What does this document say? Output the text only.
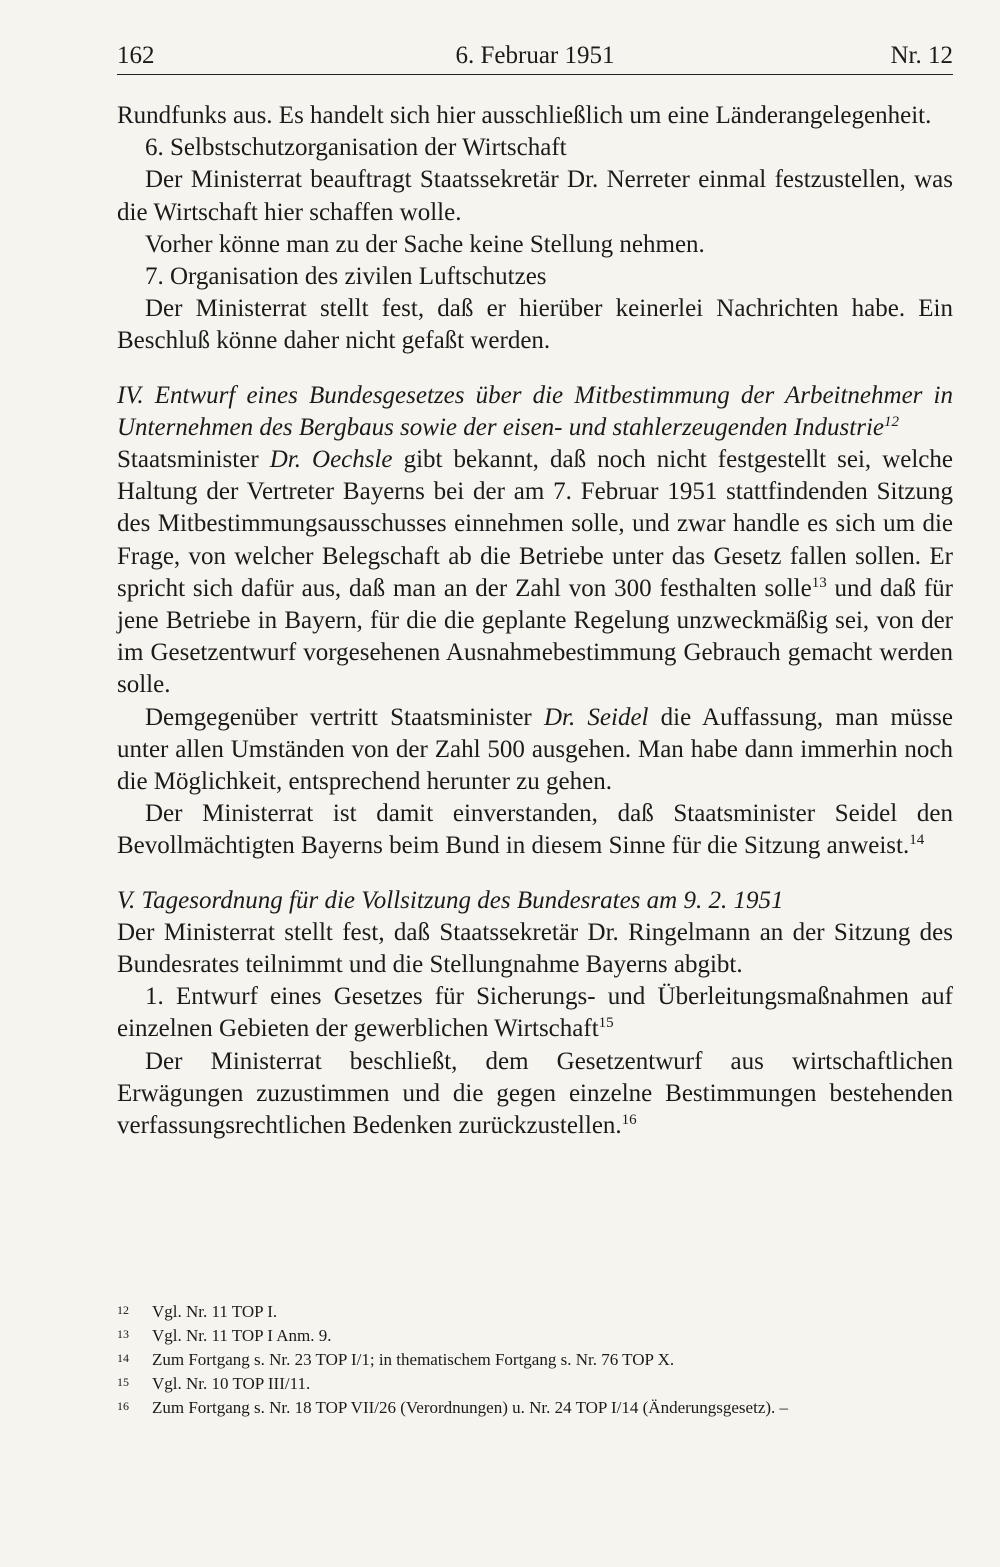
162	6. Februar 1951	Nr. 12

Rundfunks aus. Es handelt sich hier ausschließlich um eine Länderangelegenheit.

6. Selbstschutzorganisation der Wirtschaft

Der Ministerrat beauftragt Staatssekretär Dr. Nerreter einmal festzustellen, was die Wirtschaft hier schaffen wolle.

Vorher könne man zu der Sache keine Stellung nehmen.

7. Organisation des zivilen Luftschutzes

Der Ministerrat stellt fest, daß er hierüber keinerlei Nachrichten habe. Ein Beschluß könne daher nicht gefaßt werden.

IV. Entwurf eines Bundesgesetzes über die Mitbestimmung der Arbeitnehmer in Unternehmen des Bergbaus sowie der eisen- und stahlerzeugenden Industrie$^{12}$

Staatsminister Dr. Oechsle gibt bekannt, daß noch nicht festgestellt sei, welche Haltung der Vertreter Bayerns bei der am 7. Februar 1951 stattfindenden Sitzung des Mitbestimmungsausschusses einnehmen solle, und zwar handle es sich um die Frage, von welcher Belegschaft ab die Betriebe unter das Gesetz fallen sollen. Er spricht sich dafür aus, daß man an der Zahl von 300 festhalten solle$^{13}$ und daß für jene Betriebe in Bayern, für die die geplante Regelung unzweckmäßig sei, von der im Gesetzentwurf vorgesehenen Ausnahmebestimmung Gebrauch gemacht werden solle.

Demgegenüber vertritt Staatsminister Dr. Seidel die Auffassung, man müsse unter allen Umständen von der Zahl 500 ausgehen. Man habe dann immerhin noch die Möglichkeit, entsprechend herunter zu gehen.

Der Ministerrat ist damit einverstanden, daß Staatsminister Seidel den Bevollmächtigten Bayerns beim Bund in diesem Sinne für die Sitzung anweist.$^{14}$

V. Tagesordnung für die Vollsitzung des Bundesrates am 9. 2. 1951

Der Ministerrat stellt fest, daß Staatssekretär Dr. Ringelmann an der Sitzung des Bundesrates teilnimmt und die Stellungnahme Bayerns abgibt.

1. Entwurf eines Gesetzes für Sicherungs- und Überleitungsmaßnahmen auf einzelnen Gebieten der gewerblichen Wirtschaft$^{15}$

Der Ministerrat beschließt, dem Gesetzentwurf aus wirtschaftlichen Erwägungen zuzustimmen und die gegen einzelne Bestimmungen bestehenden verfassungsrechtlichen Bedenken zurückzustellen.$^{16}$

12 Vgl. Nr. 11 TOP I.
13 Vgl. Nr. 11 TOP I Anm. 9.
14 Zum Fortgang s. Nr. 23 TOP I/1; in thematischem Fortgang s. Nr. 76 TOP X.
15 Vgl. Nr. 10 TOP III/11.
16 Zum Fortgang s. Nr. 18 TOP VII/26 (Verordnungen) u. Nr. 24 TOP I/14 (Änderungsgesetz). –
